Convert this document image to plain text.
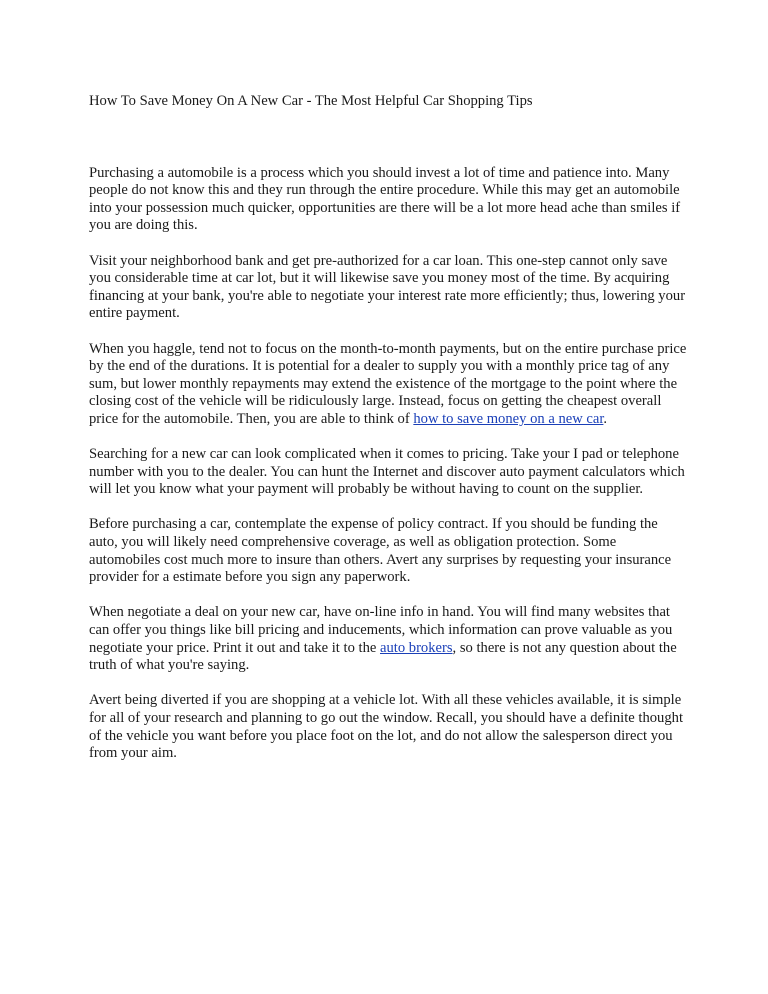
How To Save Money On A New Car - The Most Helpful Car Shopping Tips

Purchasing a automobile is a process which you should invest a lot of time and patience into. Many people do not know this and they run through the entire procedure. While this may get an automobile into your possession much quicker, opportunities are there will be a lot more head ache than smiles if you are doing this.

Visit your neighborhood bank and get pre-authorized for a car loan. This one-step cannot only save you considerable time at car lot, but it will likewise save you money most of the time. By acquiring financing at your bank, you're able to negotiate your interest rate more efficiently; thus, lowering your entire payment.

When you haggle, tend not to focus on the month-to-month payments, but on the entire purchase price by the end of the durations. It is potential for a dealer to supply you with a monthly price tag of any sum, but lower monthly repayments may extend the existence of the mortgage to the point where the closing cost of the vehicle will be ridiculously large. Instead, focus on getting the cheapest overall price for the automobile. Then, you are able to think of how to save money on a new car.

Searching for a new car can look complicated when it comes to pricing. Take your I pad or telephone number with you to the dealer. You can hunt the Internet and discover auto payment calculators which will let you know what your payment will probably be without having to count on the supplier.

Before purchasing a car, contemplate the expense of policy contract. If you should be funding the auto, you will likely need comprehensive coverage, as well as obligation protection. Some automobiles cost much more to insure than others. Avert any surprises by requesting your insurance provider for a estimate before you sign any paperwork.

When negotiate a deal on your new car, have on-line info in hand. You will find many websites that can offer you things like bill pricing and inducements, which information can prove valuable as you negotiate your price. Print it out and take it to the auto brokers, so there is not any question about the truth of what you're saying.

Avert being diverted if you are shopping at a vehicle lot. With all these vehicles available, it is simple for all of your research and planning to go out the window. Recall, you should have a definite thought of the vehicle you want before you place foot on the lot, and do not allow the salesperson direct you from your aim.
